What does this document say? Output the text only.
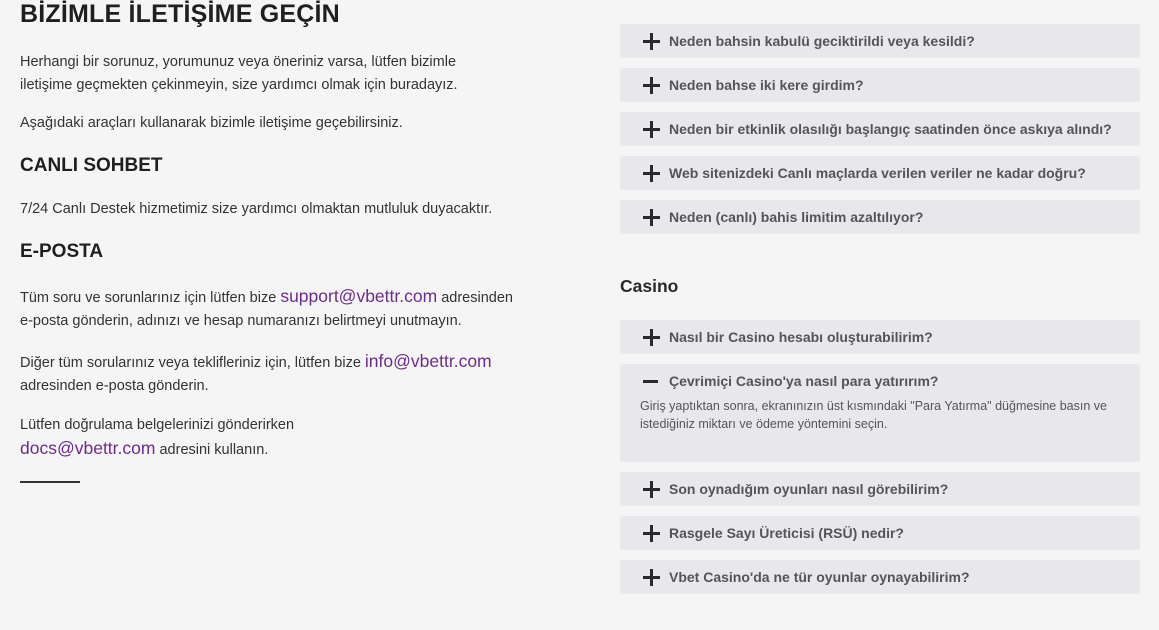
BİZİMLE İLETİŞİME GEÇİN

Herhangi bir sorunuz, yorumunuz veya öneriniz varsa, lütfen bizimle
iletişime geçmekten çekinmeyin, size yardımcı olmak için buradayız.

Aşağıdaki araçları kullanarak bizimle iletişime geçebilirsiniz.

CANLI SOHBET

7/24 Canlı Destek hizmetimiz size yardımcı olmaktan mutluluk duyacaktır.

E-POSTA

Tüm soru ve sorunlarınız için lütfen bize support@vbettr.com adresinden
e-posta gönderin, adınızı ve hesap numaranızı belirtmeyi unutmayın.

Diğer tüm sorularınız veya teklifleriniz için, lütfen bize info@vbettr.com
adresinden e-posta gönderin.

Lütfen doğrulama belgelerinizi gönderirken
docs@vbettr.com adresini kullanın.

Neden bahsin kabulü geciktirildi veya kesildi?
Neden bahse iki kere girdim?
Neden bir etkinlik olasılığı başlangıç saatinden önce askıya alındı?
Web sitenizdeki Canlı maçlarda verilen veriler ne kadar doğru?
Neden (canlı) bahis limitim azaltılıyor?
Casino
Nasıl bir Casino hesabı oluşturabilirim?
Çevrimiçi Casino'ya nasıl para yatırırım?
Giriş yaptıktan sonra, ekranınızın üst kısmındaki "Para Yatırma" düğmesine basın ve
istediğiniz miktarı ve ödeme yöntemini seçin.
Son oynadığım oyunları nasıl görebilirim?
Rasgele Sayı Üreticisi (RSÜ) nedir?
Vbet Casino'da ne tür oyunlar oynayabilirim?
